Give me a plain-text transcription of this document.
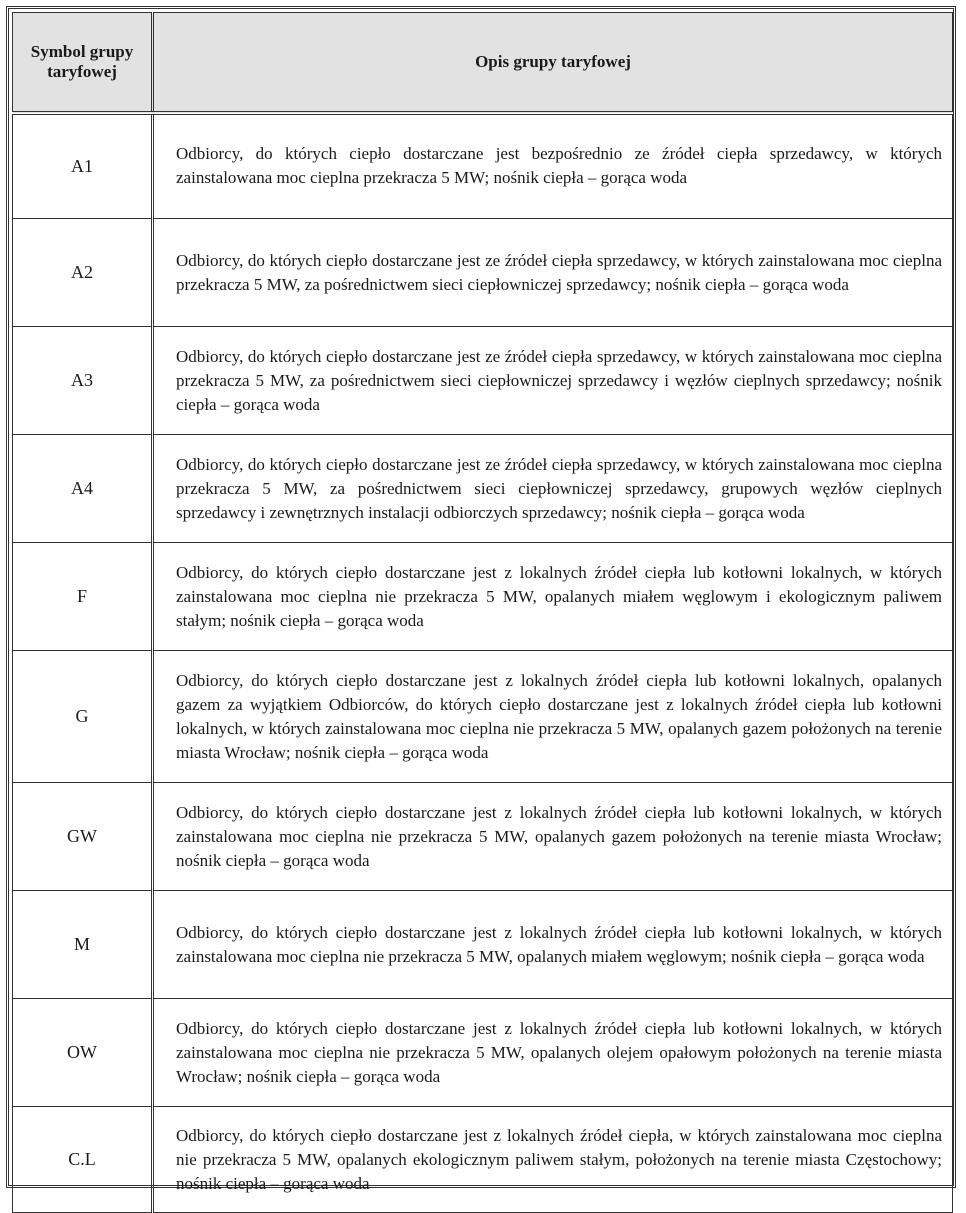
Symbol grupy taryfowej	Opis grupy taryfowej
A1	Odbiorcy, do których ciepło dostarczane jest bezpośrednio ze źródeł ciepła sprzedawcy, w których zainstalowana moc cieplna przekracza 5 MW; nośnik ciepła – gorąca woda
A2	Odbiorcy, do których ciepło dostarczane jest ze źródeł ciepła sprzedawcy, w których zainstalowana moc cieplna przekracza 5 MW, za pośrednictwem sieci ciepłowniczej sprzedawcy; nośnik ciepła – gorąca woda
A3	Odbiorcy, do których ciepło dostarczane jest ze źródeł ciepła sprzedawcy, w których zainstalowana moc cieplna przekracza 5 MW, za pośrednictwem sieci ciepłowniczej sprzedawcy i węzłów cieplnych sprzedawcy; nośnik ciepła – gorąca woda
A4	Odbiorcy, do których ciepło dostarczane jest ze źródeł ciepła sprzedawcy, w których zainstalowana moc cieplna przekracza 5 MW, za pośrednictwem sieci ciepłowniczej sprzedawcy, grupowych węzłów cieplnych sprzedawcy i zewnętrznych instalacji odbiorczych sprzedawcy; nośnik ciepła – gorąca woda
F	Odbiorcy, do których ciepło dostarczane jest z lokalnych źródeł ciepła lub kotłowni lokalnych, w których zainstalowana moc cieplna nie przekracza 5 MW, opalanych miałem węglowym i ekologicznym paliwem stałym; nośnik ciepła – gorąca woda
G	Odbiorcy, do których ciepło dostarczane jest z lokalnych źródeł ciepła lub kotłowni lokalnych, opalanych gazem za wyjątkiem Odbiorców, do których ciepło dostarczane jest z lokalnych źródeł ciepła lub kotłowni lokalnych, w których zainstalowana moc cieplna nie przekracza 5 MW, opalanych gazem położonych na terenie miasta Wrocław; nośnik ciepła – gorąca woda
GW	Odbiorcy, do których ciepło dostarczane jest z lokalnych źródeł ciepła lub kotłowni lokalnych, w których zainstalowana moc cieplna nie przekracza 5 MW, opalanych gazem położonych na terenie miasta Wrocław; nośnik ciepła – gorąca woda
M	Odbiorcy, do których ciepło dostarczane jest z lokalnych źródeł ciepła lub kotłowni lokalnych, w których zainstalowana moc cieplna nie przekracza 5 MW, opalanych miałem węglowym; nośnik ciepła – gorąca woda
OW	Odbiorcy, do których ciepło dostarczane jest z lokalnych źródeł ciepła lub kotłowni lokalnych, w których zainstalowana moc cieplna nie przekracza 5 MW, opalanych olejem opałowym położonych na terenie miasta Wrocław; nośnik ciepła – gorąca woda
C.L	Odbiorcy, do których ciepło dostarczane jest z lokalnych źródeł ciepła, w których zainstalowana moc cieplna nie przekracza 5 MW, opalanych ekologicznym paliwem stałym, położonych na terenie miasta Częstochowy; nośnik ciepła – gorąca woda
